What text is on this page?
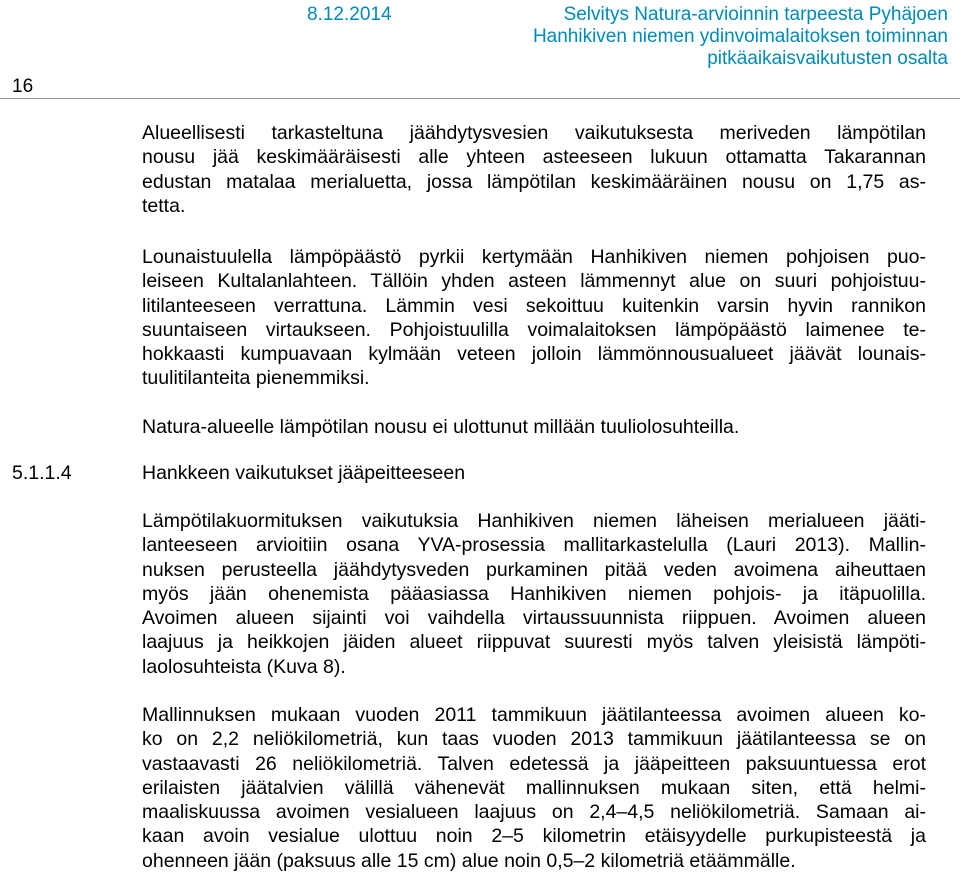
16
8.12.2014	Selvitys Natura-arvioinnin tarpeesta Pyhäjoen
Hanhikiven niemen ydinvoimalaitoksen toiminnan
pitkäaikaisvaikutusten osalta
Alueellisesti tarkasteltuna jäähdytysvesien vaikutuksesta meriveden lämpötilan
nousu jää keskimääräisesti alle yhteen asteeseen lukuun ottamatta Takarannan
edustan matalaa merialuetta, jossa lämpötilan keskimääräinen nousu on 1,75 as-
tetta.
Lounaistuulella lämpöpäästö pyrkii kertymään Hanhikiven niemen pohjoisen puo-
leiseen Kultalanlahteen. Tällöin yhden asteen lämmennyt alue on suuri pohjoistuu-
litilanteeseen verrattuna. Lämmin vesi sekoittuu kuitenkin varsin hyvin rannikon
suuntaiseen virtaukseen. Pohjoistuulilla voimalaitoksen lämpöpäästö laimenee te-
hokkaasti kumpuavaan kylmään veteen jolloin lämmönnousualueet jäävät lounais-
tuulitilanteita pienemmiksi.
Natura-alueelle lämpötilan nousu ei ulottunut millään tuuliolosuhteilla.
5.1.1.4	Hankkeen vaikutukset jääpeitteeseen
Lämpötilakuormituksen vaikutuksia Hanhikiven niemen läheisen merialueen jääti-
lanteeseen arvioitiin osana YVA-prosessia mallitarkastelulla (Lauri 2013). Mallin-
nuksen perusteella jäähdytysveden purkaminen pitää veden avoimena aiheuttaen
myös jään ohenemista pääasiassa Hanhikiven niemen pohjois- ja itäpuolilla.
Avoimen alueen sijainti voi vaihdella virtaussuunnista riippuen. Avoimen alueen
laajuus ja heikkojen jäiden alueet riippuvat suuresti myös talven yleisistä lämpöti-
laolosuhteista (Kuva 8).
Mallinnuksen mukaan vuoden 2011 tammikuun jäätilanteessa avoimen alueen ko-
ko on 2,2 neliökilometriä, kun taas vuoden 2013 tammikuun jäätilanteessa se on
vastaavasti 26 neliökilometriä. Talven edetessä ja jääpeitteen paksuuntuessa erot
erilaisten jäätalvien välillä vähenevät mallinnuksen mukaan siten, että helmi-
maaliskuussa avoimen vesialueen laajuus on 2,4–4,5 neliökilometriä. Samaan ai-
kaan avoin vesialue ulottuu noin 2–5 kilometrin etäisyydelle purkupisteestä ja
ohenneen jään (paksuus alle 15 cm) alue noin 0,5–2 kilometriä etäämmälle.
